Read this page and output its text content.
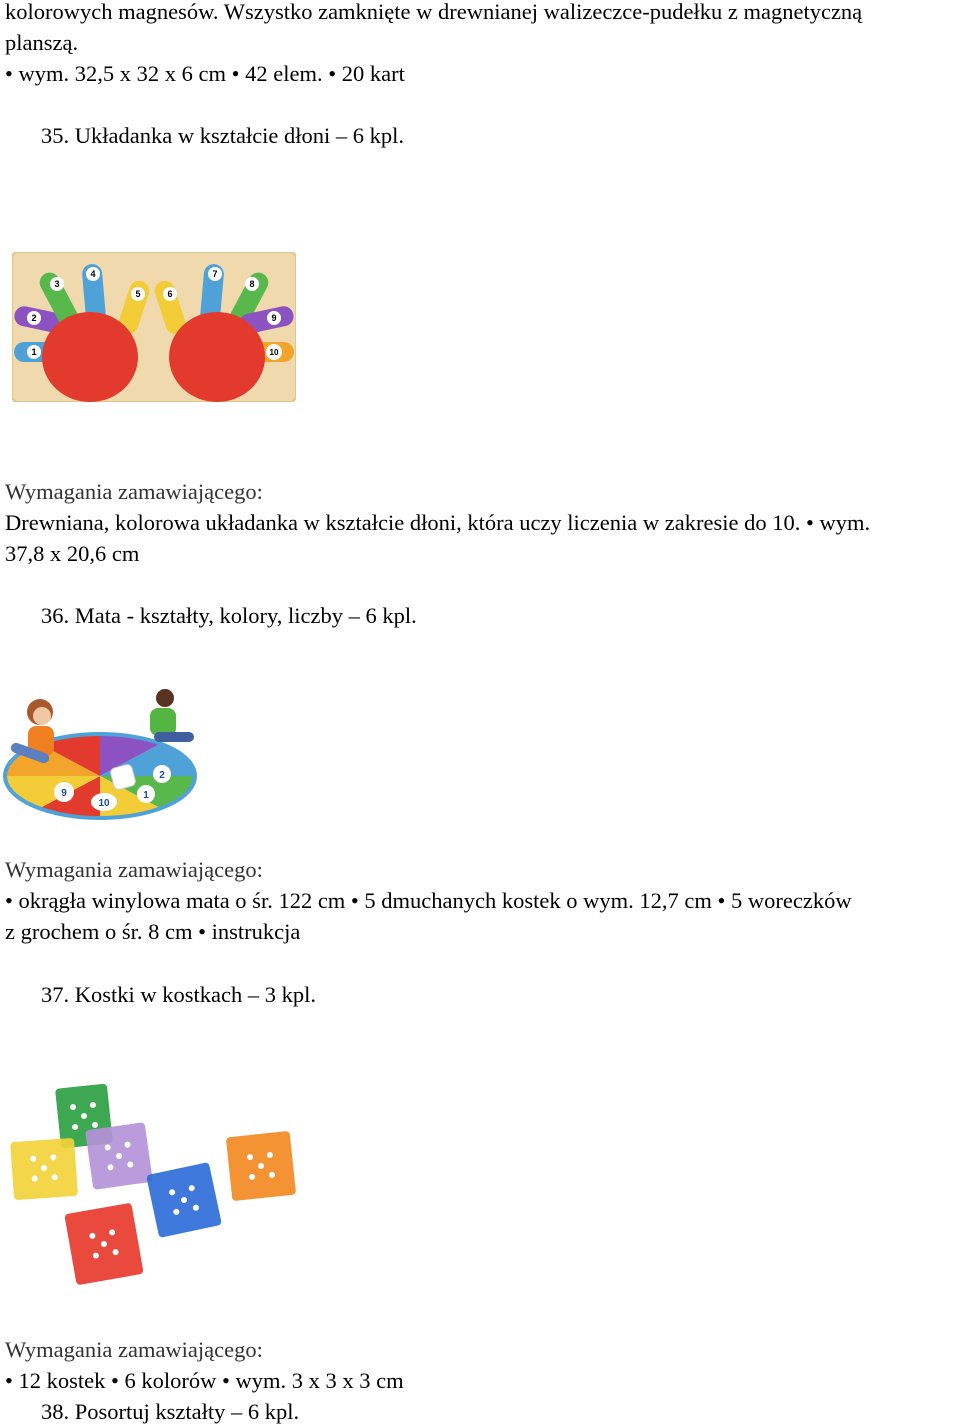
kolorowych magnesów. Wszystko zamknięte w drewnianej walizeczce-pudełku z magnetyczną
planszą.
• wym. 32,5 x 32 x 6 cm • 42 elem. • 20 kart
35. Układanka w kształcie dłoni – 6 kpl.
1
2
3
4
5	6
7
8
9
10
Wymagania zamawiającego:
Drewniana, kolorowa układanka w kształcie dłoni, która uczy liczenia w zakresie do 10. • wym.
37,8 x 20,6 cm
36. Mata - kształty, kolory, liczby – 6 kpl.
9
10
1
2
Wymagania zamawiającego:
• okrągła winylowa mata o śr. 122 cm • 5 dmuchanych kostek o wym. 12,7 cm • 5 woreczków
z grochem o śr. 8 cm • instrukcja
37. Kostki w kostkach – 3 kpl.
Wymagania zamawiającego:
• 12 kostek • 6 kolorów • wym. 3 x 3 x 3 cm
38. Posortuj kształty – 6 kpl.
